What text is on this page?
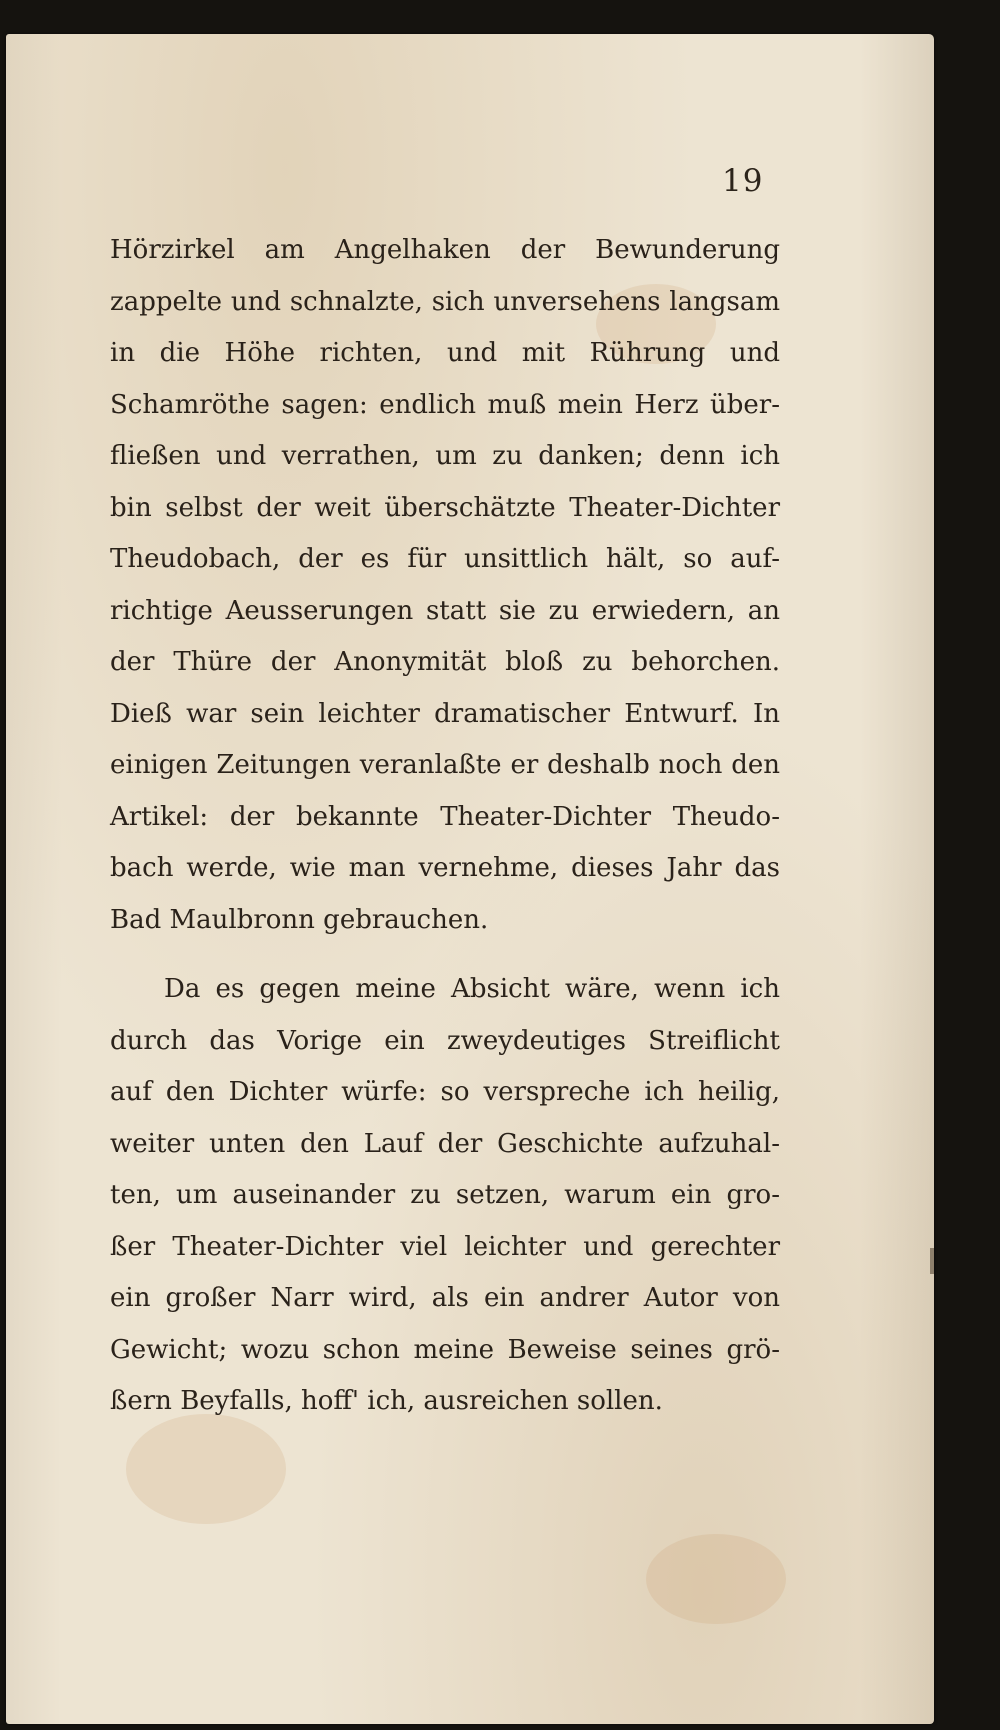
19
Hörzirkel am Angelhaken der Bewunderung
zappelte und schnalzte, sich unversehens langsam
in die Höhe richten, und mit Rührung und
Schamröthe sagen: endlich muß mein Herz über-
fließen und verrathen, um zu danken; denn ich
bin selbst der weit überschätzte Theater-Dichter
Theudobach, der es für unsittlich hält, so auf-
richtige Aeusserungen statt sie zu erwiedern, an
der Thüre der Anonymität bloß zu behorchen.
Dieß war sein leichter dramatischer Entwurf. In
einigen Zeitungen veranlaßte er deshalb noch den
Artikel: der bekannte Theater-Dichter Theudo-
bach werde, wie man vernehme, dieses Jahr das
Bad Maulbronn gebrauchen.
Da es gegen meine Absicht wäre, wenn ich
durch das Vorige ein zweydeutiges Streiflicht
auf den Dichter würfe: so verspreche ich heilig,
weiter unten den Lauf der Geschichte aufzuhal-
ten, um auseinander zu setzen, warum ein gro-
ßer Theater-Dichter viel leichter und gerechter
ein großer Narr wird, als ein andrer Autor von
Gewicht; wozu schon meine Beweise seines grö-
ßern Beyfalls, hoff' ich, ausreichen sollen.
